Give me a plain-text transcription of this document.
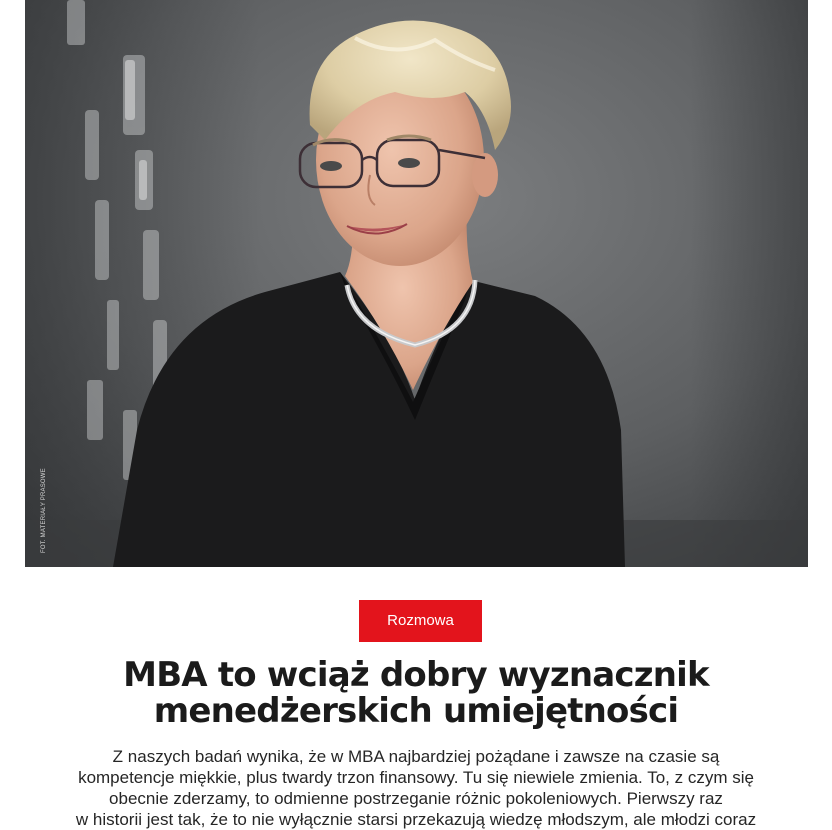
FOT. MATERIAŁY PRASOWE
Rozmowa
MBA to wciąż dobry wyznacznik
menedżerskich umiejętności

Z naszych badań wynika, że w MBA najbardziej pożądane i zawsze na czasie są
kompetencje miękkie, plus twardy trzon finansowy. Tu się niewiele zmienia. To, z czym się
obecnie zderzamy, to odmienne postrzeganie różnic pokoleniowych. Pierwszy raz
w historii jest tak, że to nie wyłącznie starsi przekazują wiedzę młodszym, ale młodzi coraz
